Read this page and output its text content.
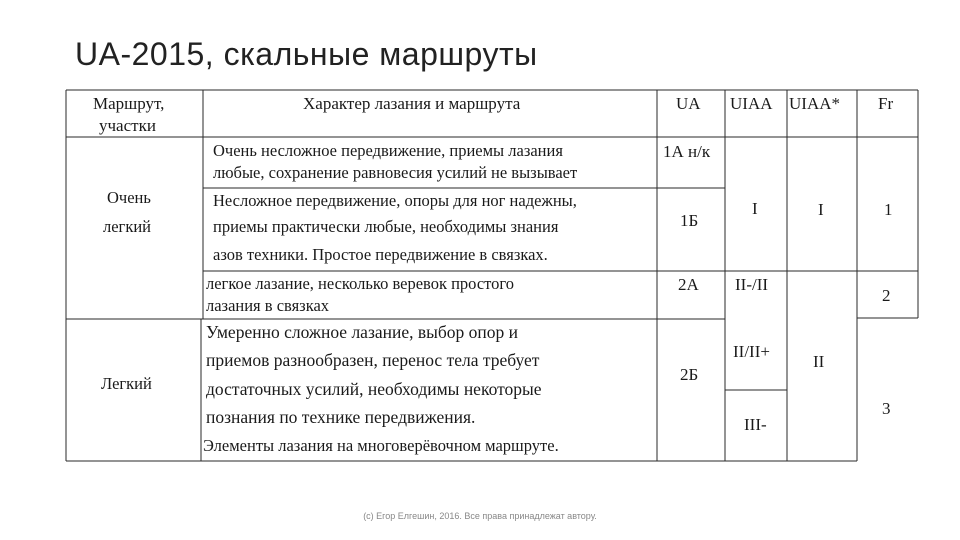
UA-2015, скальные маршруты
Маршрут,
участки
Характер лазания и маршрута	UA UIAA UIAA* Fr
Очень
легкий
Легкий
Очень несложное передвижение, приемы лазания
любые, сохранение равновесия усилий не вызывает
1А н/к
Несложное передвижение, опоры для ног надежны,
приемы практически любые, необходимы знания
азов техники. Простое передвижение в связках.
1Б
легкое лазание, несколько веревок простого
лазания в связках
2А II-/II
Умеренно сложное лазание, выбор опор и
приемов разнообразен, перенос тела требует
достаточных усилий, необходимы некоторые
познания по технике передвижения.
Элементы лазания на многоверёвочном маршруте.
2Б
II/II+
III-
I	I
II
1
2
3
(с) Егор Елгешин, 2016. Все права принадлежат автору.
